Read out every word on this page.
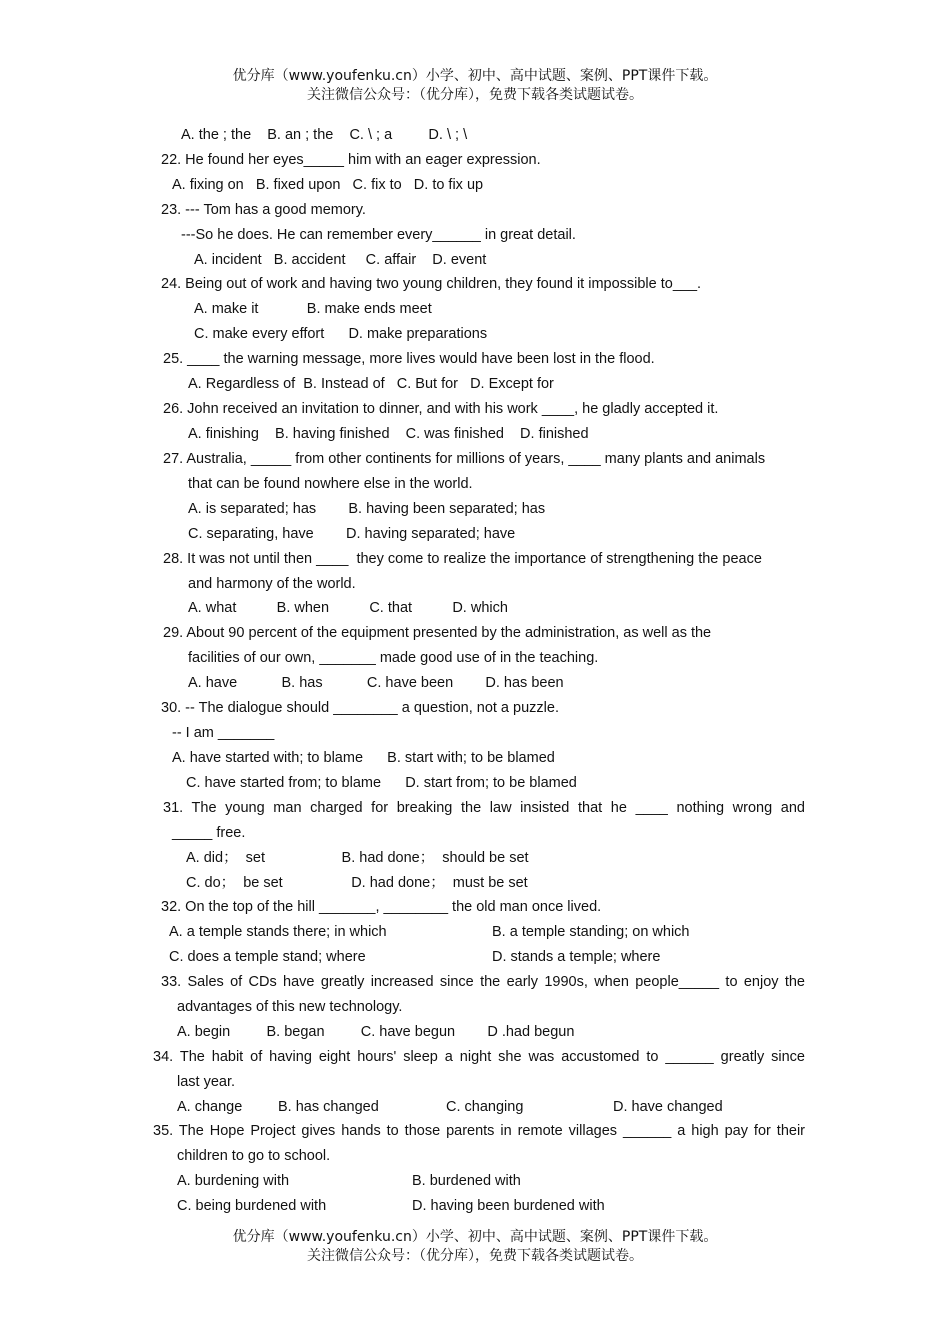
优分库（www.youfenku.cn）小学、初中、高中试题、案例、PPT课件下载。
关注微信公众号：（优分库），免费下载各类试题试卷。
A. the ; the    B. an ; the    C. \ ; a         D. \ ; \
22. He found her eyes_____ him with an eager expression.
A. fixing on   B. fixed upon   C. fix to   D. to fix up
23. --- Tom has a good memory.
---So he does. He can remember every______ in great detail.
A. incident   B. accident     C. affair    D. event
24. Being out of work and having two young children, they found it impossible to___.
A. make it            B. make ends meet
C. make every effort      D. make preparations
25. ____ the warning message, more lives would have been lost in the flood.
A. Regardless of  B. Instead of   C. But for   D. Except for
26. John received an invitation to dinner, and with his work ____, he gladly accepted it.
A. finishing    B. having finished    C. was finished    D. finished
27. Australia, _____ from other continents for millions of years, ____ many plants and animals
that can be found nowhere else in the world.
A. is separated; has        B. having been separated; has
C. separating, have        D. having separated; have
28. It was not until then ____  they come to realize the importance of strengthening the peace
and harmony of the world.
A. what          B. when          C. that          D. which
29. About 90 percent of the equipment presented by the administration, as well as the
facilities of our own, _______ made good use of in the teaching.
A. have           B. has           C. have been        D. has been
30. -- The dialogue should ________ a question, not a puzzle.
-- I am _______
A. have started with; to blame      B. start with; to be blamed
C. have started from; to blame      D. start from; to be blamed
31. The young man charged for breaking the law insisted that he ____ nothing wrong and
_____ free.
A. did；  set                   B. had done；  should be set
C. do；  be set                 D. had done；  must be set
32. On the top of the hill _______, ________ the old man once lived.
A. a temple stands there; in which	B. a temple standing; on which
C. does a temple stand; where	D. stands a temple; where
33. Sales of CDs have greatly increased since the early 1990s, when people_____ to enjoy the
advantages of this new technology.
A. begin         B. began         C. have begun        D .had begun
34. The habit of having eight hours' sleep a night she was accustomed to ______ greatly since
last year.
A. change B. has changed	C. changing	D. have changed
35. The Hope Project gives hands to those parents in remote villages ______ a high pay for their
children to go to school.
A. burdening with	B. burdened with
C. being burdened with	D. having been burdened with
优分库（www.youfenku.cn）小学、初中、高中试题、案例、PPT课件下载。
关注微信公众号：（优分库），免费下载各类试题试卷。
